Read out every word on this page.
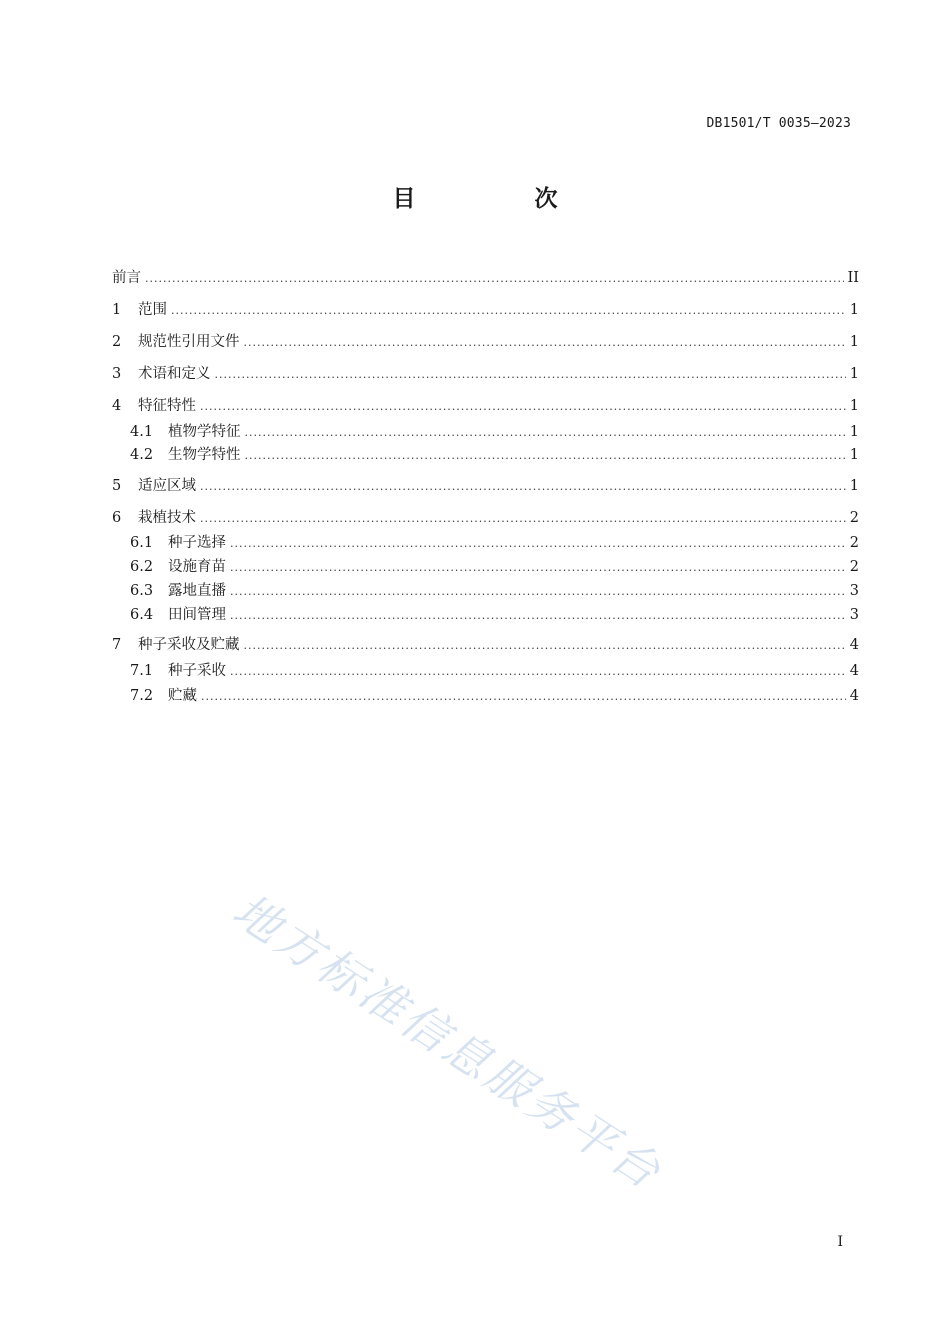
DB1501/T 0035—2023
目　次
前言 .....	II
1	范围 .....	1
2	规范性引用文件 .....	1
3	术语和定义 .....	1
4	特征特性 .....	1
4.1	植物学特征 .....	1
4.2	生物学特性 .....	1
5	适应区域 .....	1
6	栽植技术 .....	2
6.1	种子选择 .....	2
6.2	设施育苗 .....	2
6.3	露地直播 .....	3
6.4	田间管理 .....	3
7	种子采收及贮藏 .....	4
7.1	种子采收 .....	4
7.2	贮藏 .....	4
地方标准信息服务平台
I
